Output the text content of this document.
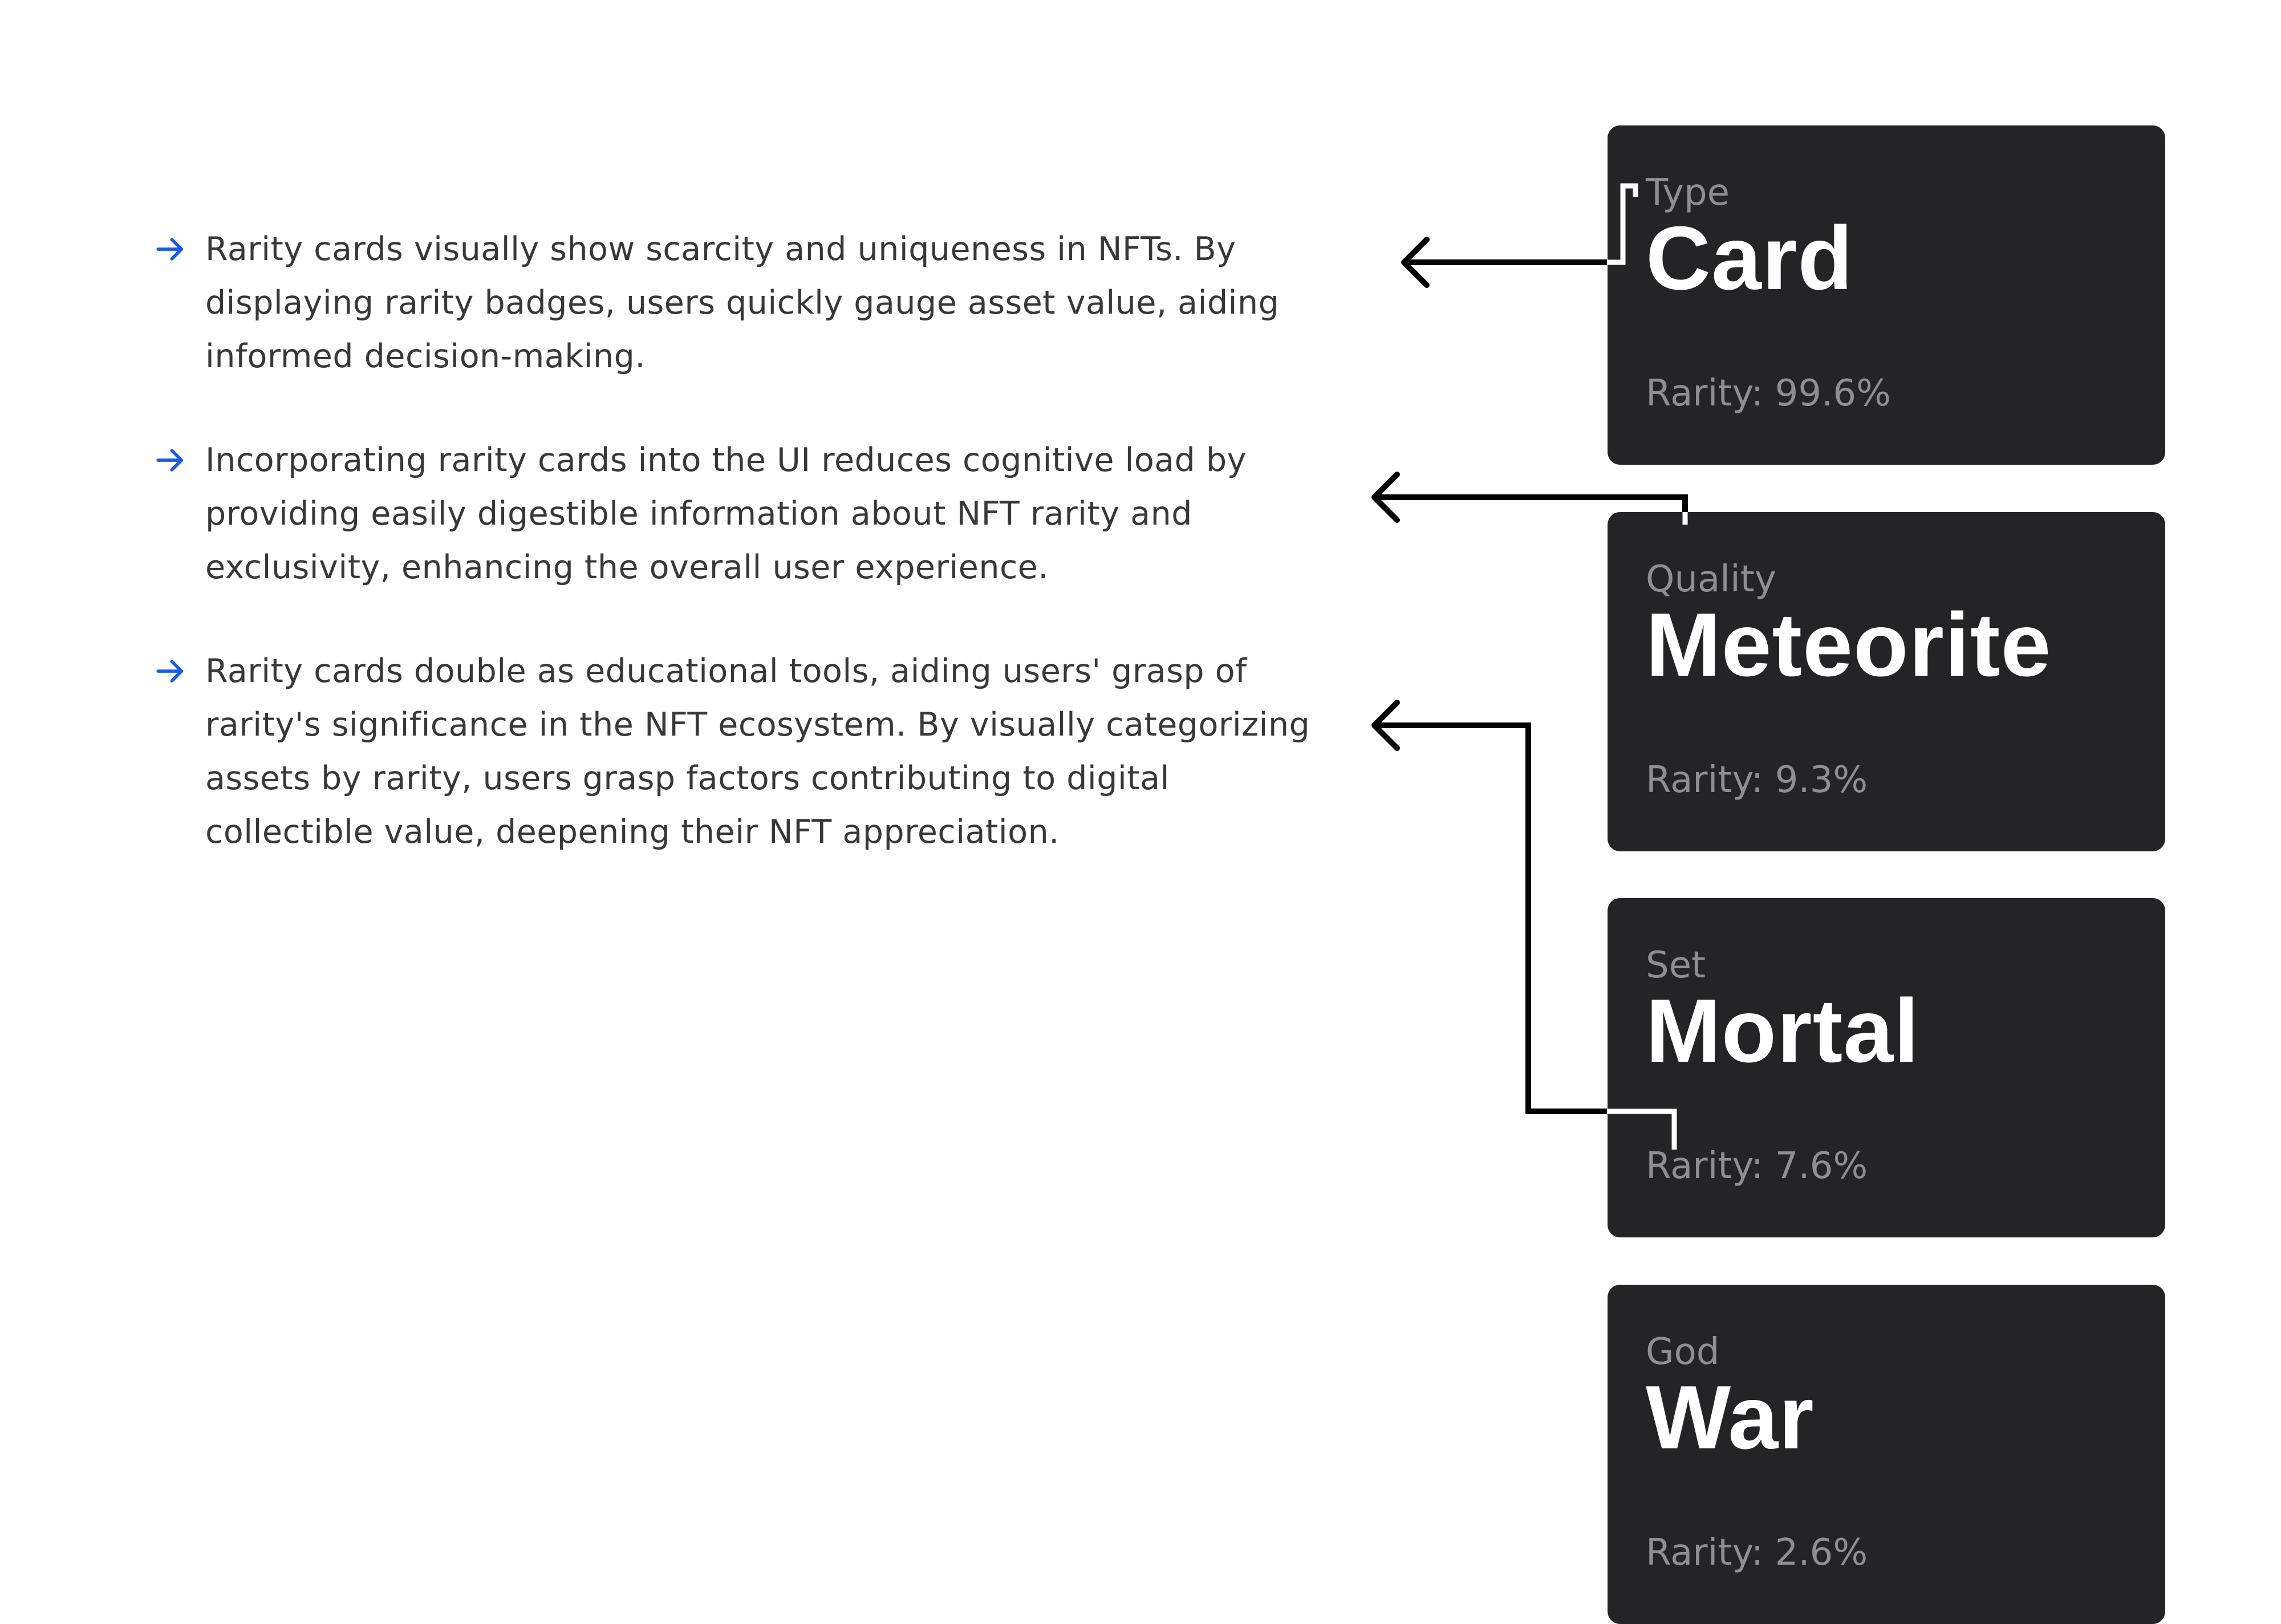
Rarity cards visually show scarcity and uniqueness in NFTs. By displaying rarity badges, users quickly gauge asset value, aiding informed decision-making.

Incorporating rarity cards into the UI reduces cognitive load by providing easily digestible information about NFT rarity and exclusivity, enhancing the overall user experience.

Rarity cards double as educational tools, aiding users' grasp of rarity's significance in the NFT ecosystem. By visually categorizing assets by rarity, users grasp factors contributing to digital collectible value, deepening their NFT appreciation.

Type
Card
Rarity: 99.6%
Quality
Meteorite
Rarity: 9.3%
Set
Mortal
Rarity: 7.6%
God
War
Rarity: 2.6%
